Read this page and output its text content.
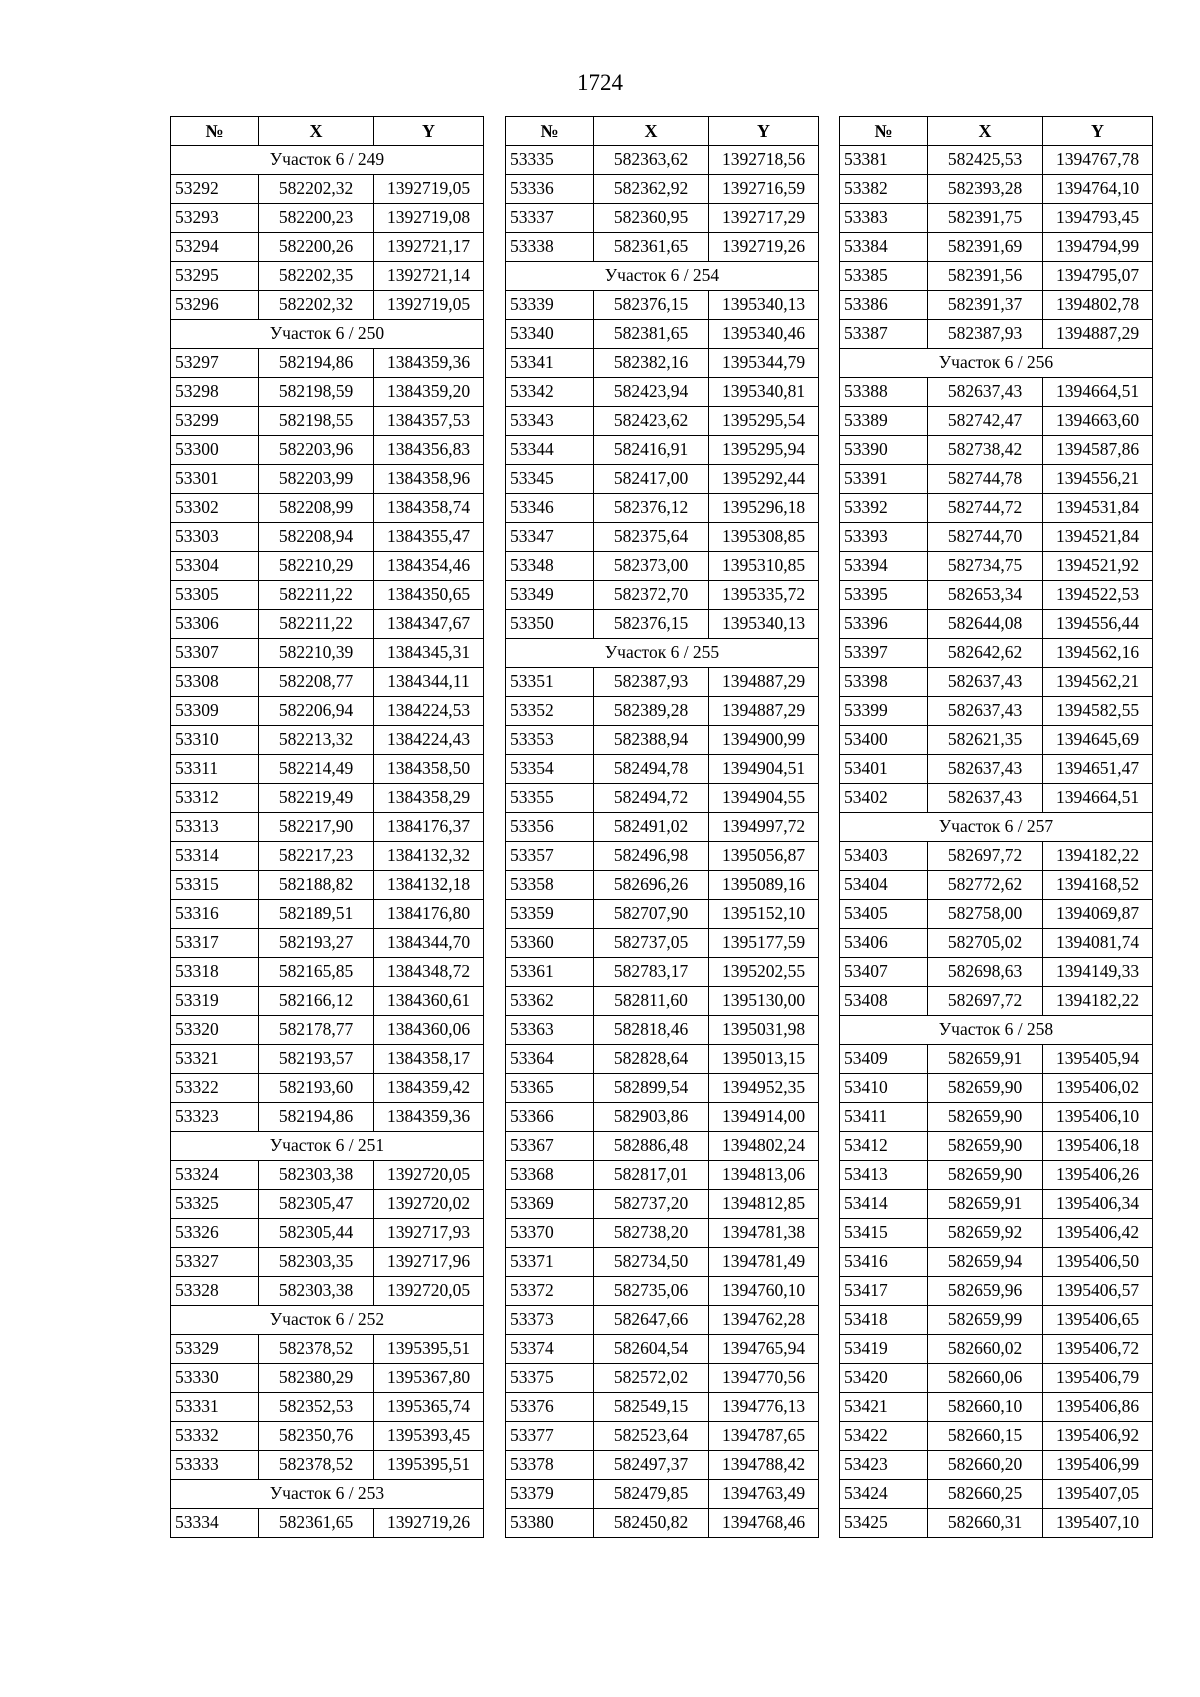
1724
№	X	Y
Участок 6 / 249		
53292	582202,32	1392719,05
53293	582200,23	1392719,08
53294	582200,26	1392721,17
53295	582202,35	1392721,14
53296	582202,32	1392719,05
Участок 6 / 250		
53297	582194,86	1384359,36
53298	582198,59	1384359,20
53299	582198,55	1384357,53
53300	582203,96	1384356,83
53301	582203,99	1384358,96
53302	582208,99	1384358,74
53303	582208,94	1384355,47
53304	582210,29	1384354,46
53305	582211,22	1384350,65
53306	582211,22	1384347,67
53307	582210,39	1384345,31
53308	582208,77	1384344,11
53309	582206,94	1384224,53
53310	582213,32	1384224,43
53311	582214,49	1384358,50
53312	582219,49	1384358,29
53313	582217,90	1384176,37
53314	582217,23	1384132,32
53315	582188,82	1384132,18
53316	582189,51	1384176,80
53317	582193,27	1384344,70
53318	582165,85	1384348,72
53319	582166,12	1384360,61
53320	582178,77	1384360,06
53321	582193,57	1384358,17
53322	582193,60	1384359,42
53323	582194,86	1384359,36
Участок 6 / 251		
53324	582303,38	1392720,05
53325	582305,47	1392720,02
53326	582305,44	1392717,93
53327	582303,35	1392717,96
53328	582303,38	1392720,05
Участок 6 / 252		
53329	582378,52	1395395,51
53330	582380,29	1395367,80
53331	582352,53	1395365,74
53332	582350,76	1395393,45
53333	582378,52	1395395,51
Участок 6 / 253		
53334	582361,65	1392719,26
№	X	Y
53335	582363,62	1392718,56
53336	582362,92	1392716,59
53337	582360,95	1392717,29
53338	582361,65	1392719,26
Участок 6 / 254		
53339	582376,15	1395340,13
53340	582381,65	1395340,46
53341	582382,16	1395344,79
53342	582423,94	1395340,81
53343	582423,62	1395295,54
53344	582416,91	1395295,94
53345	582417,00	1395292,44
53346	582376,12	1395296,18
53347	582375,64	1395308,85
53348	582373,00	1395310,85
53349	582372,70	1395335,72
53350	582376,15	1395340,13
Участок 6 / 255		
53351	582387,93	1394887,29
53352	582389,28	1394887,29
53353	582388,94	1394900,99
53354	582494,78	1394904,51
53355	582494,72	1394904,55
53356	582491,02	1394997,72
53357	582496,98	1395056,87
53358	582696,26	1395089,16
53359	582707,90	1395152,10
53360	582737,05	1395177,59
53361	582783,17	1395202,55
53362	582811,60	1395130,00
53363	582818,46	1395031,98
53364	582828,64	1395013,15
53365	582899,54	1394952,35
53366	582903,86	1394914,00
53367	582886,48	1394802,24
53368	582817,01	1394813,06
53369	582737,20	1394812,85
53370	582738,20	1394781,38
53371	582734,50	1394781,49
53372	582735,06	1394760,10
53373	582647,66	1394762,28
53374	582604,54	1394765,94
53375	582572,02	1394770,56
53376	582549,15	1394776,13
53377	582523,64	1394787,65
53378	582497,37	1394788,42
53379	582479,85	1394763,49
53380	582450,82	1394768,46
№	X	Y
53381	582425,53	1394767,78
53382	582393,28	1394764,10
53383	582391,75	1394793,45
53384	582391,69	1394794,99
53385	582391,56	1394795,07
53386	582391,37	1394802,78
53387	582387,93	1394887,29
Участок 6 / 256		
53388	582637,43	1394664,51
53389	582742,47	1394663,60
53390	582738,42	1394587,86
53391	582744,78	1394556,21
53392	582744,72	1394531,84
53393	582744,70	1394521,84
53394	582734,75	1394521,92
53395	582653,34	1394522,53
53396	582644,08	1394556,44
53397	582642,62	1394562,16
53398	582637,43	1394562,21
53399	582637,43	1394582,55
53400	582621,35	1394645,69
53401	582637,43	1394651,47
53402	582637,43	1394664,51
Участок 6 / 257		
53403	582697,72	1394182,22
53404	582772,62	1394168,52
53405	582758,00	1394069,87
53406	582705,02	1394081,74
53407	582698,63	1394149,33
53408	582697,72	1394182,22
Участок 6 / 258		
53409	582659,91	1395405,94
53410	582659,90	1395406,02
53411	582659,90	1395406,10
53412	582659,90	1395406,18
53413	582659,90	1395406,26
53414	582659,91	1395406,34
53415	582659,92	1395406,42
53416	582659,94	1395406,50
53417	582659,96	1395406,57
53418	582659,99	1395406,65
53419	582660,02	1395406,72
53420	582660,06	1395406,79
53421	582660,10	1395406,86
53422	582660,15	1395406,92
53423	582660,20	1395406,99
53424	582660,25	1395407,05
53425	582660,31	1395407,10
